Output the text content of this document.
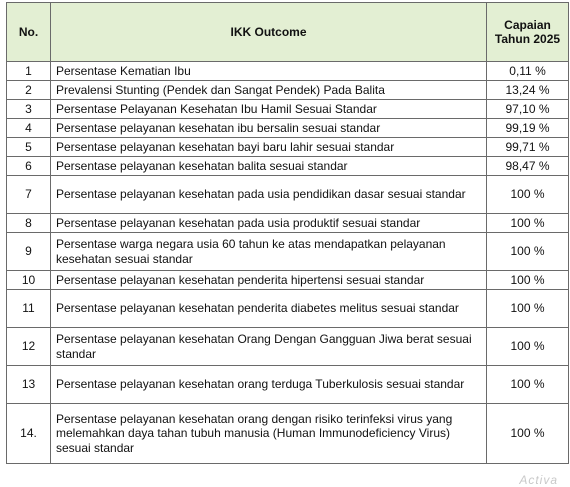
No.	IKK Outcome	Capaian Tahun 2025
1	Persentase Kematian Ibu	0,11 %
2	Prevalensi Stunting (Pendek dan Sangat Pendek) Pada Balita	13,24 %
3	Persentase Pelayanan Kesehatan Ibu Hamil Sesuai Standar	97,10 %
4	Persentase pelayanan kesehatan ibu bersalin sesuai standar	99,19 %
5	Persentase pelayanan kesehatan bayi baru lahir sesuai standar	99,71 %
6	Persentase pelayanan kesehatan balita sesuai standar	98,47 %
7	Persentase pelayanan kesehatan pada usia pendidikan dasar sesuai standar	100 %
8	Persentase pelayanan kesehatan pada usia produktif sesuai standar	100 %
9	Persentase warga negara usia 60 tahun ke atas mendapatkan pelayanan kesehatan sesuai standar	100 %
10	Persentase pelayanan kesehatan penderita hipertensi sesuai standar	100 %
11	Persentase pelayanan kesehatan penderita diabetes melitus sesuai standar	100 %
12	Persentase pelayanan kesehatan Orang Dengan Gangguan Jiwa berat sesuai standar	100 %
13	Persentase pelayanan kesehatan orang terduga Tuberkulosis sesuai standar	100 %
14.	Persentase pelayanan kesehatan orang dengan risiko terinfeksi virus yang melemahkan daya tahan tubuh manusia (Human Immunodeficiency Virus) sesuai standar	100 %
Activa
